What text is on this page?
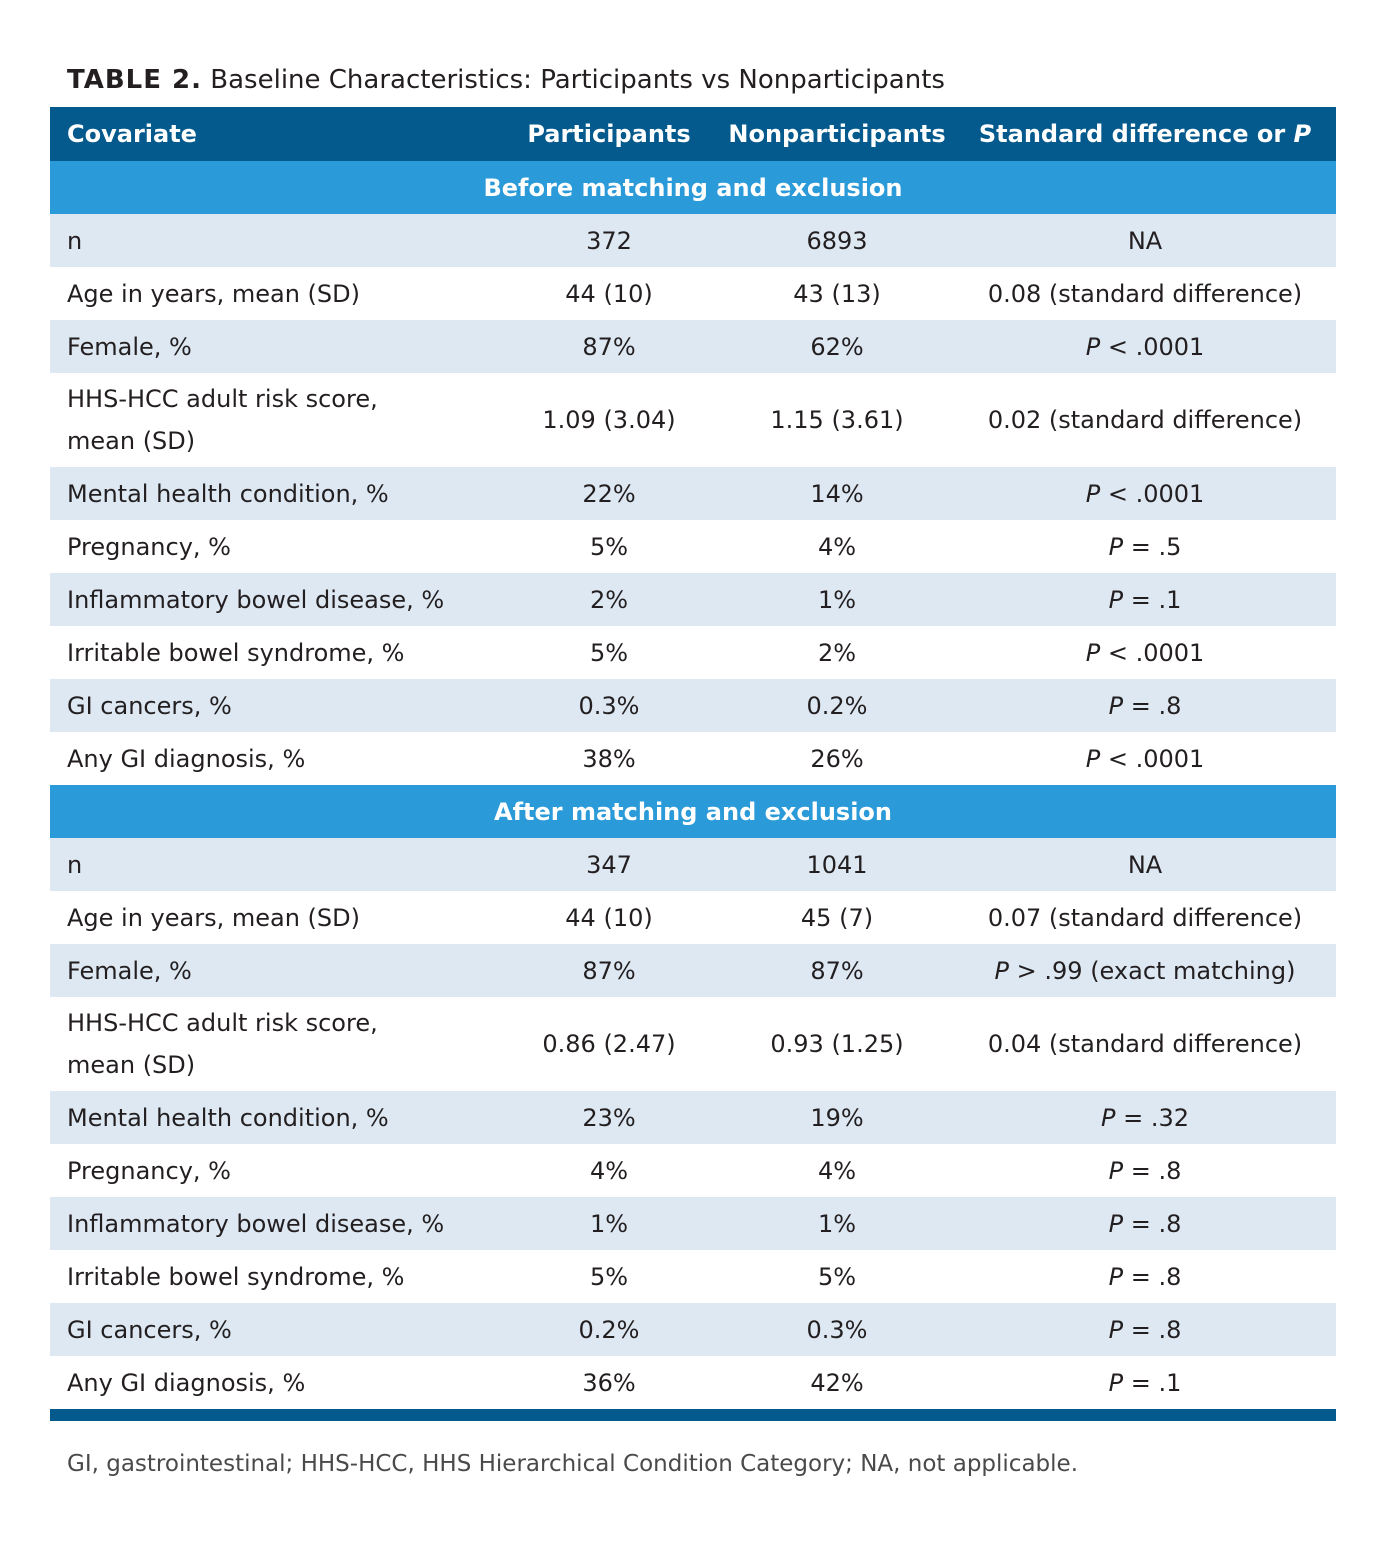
TABLE 2. Baseline Characteristics: Participants vs Nonparticipants
Covariate	Participants	Nonparticipants	Standard difference or P
Before matching and exclusion			
n	372	6893	NA
Age in years, mean (SD)	44 (10)	43 (13)	0.08 (standard difference)
Female, %	87%	62%	P < .0001
HHS-HCC adult risk score,
mean (SD)	1.09 (3.04)	1.15 (3.61)	0.02 (standard difference)
Mental health condition, %	22%	14%	P < .0001
Pregnancy, %	5%	4%	P = .5
Inflammatory bowel disease, %	2%	1%	P = .1
Irritable bowel syndrome, %	5%	2%	P < .0001
GI cancers, %	0.3%	0.2%	P = .8
Any GI diagnosis, %	38%	26%	P < .0001
After matching and exclusion			
n	347	1041	NA
Age in years, mean (SD)	44 (10)	45 (7)	0.07 (standard difference)
Female, %	87%	87%	P > .99 (exact matching)
HHS-HCC adult risk score,
mean (SD)	0.86 (2.47)	0.93 (1.25)	0.04 (standard difference)
Mental health condition, %	23%	19%	P = .32
Pregnancy, %	4%	4%	P = .8
Inflammatory bowel disease, %	1%	1%	P = .8
Irritable bowel syndrome, %	5%	5%	P = .8
GI cancers, %	0.2%	0.3%	P = .8
Any GI diagnosis, %	36%	42%	P = .1

GI, gastrointestinal; HHS-HCC, HHS Hierarchical Condition Category; NA, not applicable.
